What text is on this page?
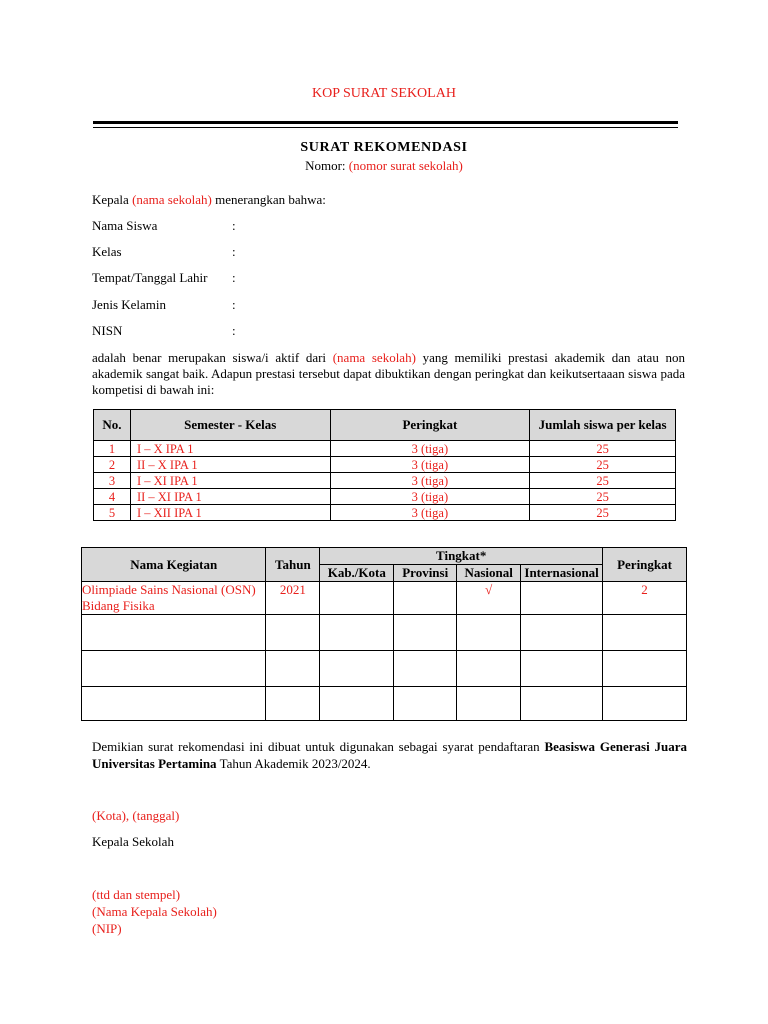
KOP SURAT SEKOLAH
SURAT REKOMENDASI
Nomor: (nomor surat sekolah)
Kepala (nama sekolah) menerangkan bahwa:
Nama Siswa	:
Kelas	:
Tempat/Tanggal Lahir :
Jenis Kelamin	:
NISN	:
adalah benar merupakan siswa/i aktif dari (nama sekolah) yang memiliki prestasi akademik dan atau non akademik sangat baik. Adapun prestasi tersebut dapat dibuktikan dengan peringkat dan keikutsertaaan siswa pada kompetisi di bawah ini:
No.	Semester - Kelas	Peringkat	Jumlah siswa per kelas
1	I – X IPA 1	3 (tiga)	25
2	II – X IPA 1	3 (tiga)	25
3	I – XI IPA 1	3 (tiga)	25
4	II – XI IPA 1	3 (tiga)	25
5	I – XII IPA 1	3 (tiga)	25
Nama Kegiatan	Tahun	Tingkat*				Peringkat
		Kab./Kota	Provinsi	Nasional	Internasional	
Olimpiade Sains Nasional (OSN) Bidang Fisika	2021			√		2

Demikian surat rekomendasi ini dibuat untuk digunakan sebagai syarat pendaftaran Beasiswa Generasi Juara Universitas Pertamina Tahun Akademik 2023/2024.
(Kota), (tanggal)
Kepala Sekolah
(ttd dan stempel)
(Nama Kepala Sekolah)
(NIP)
